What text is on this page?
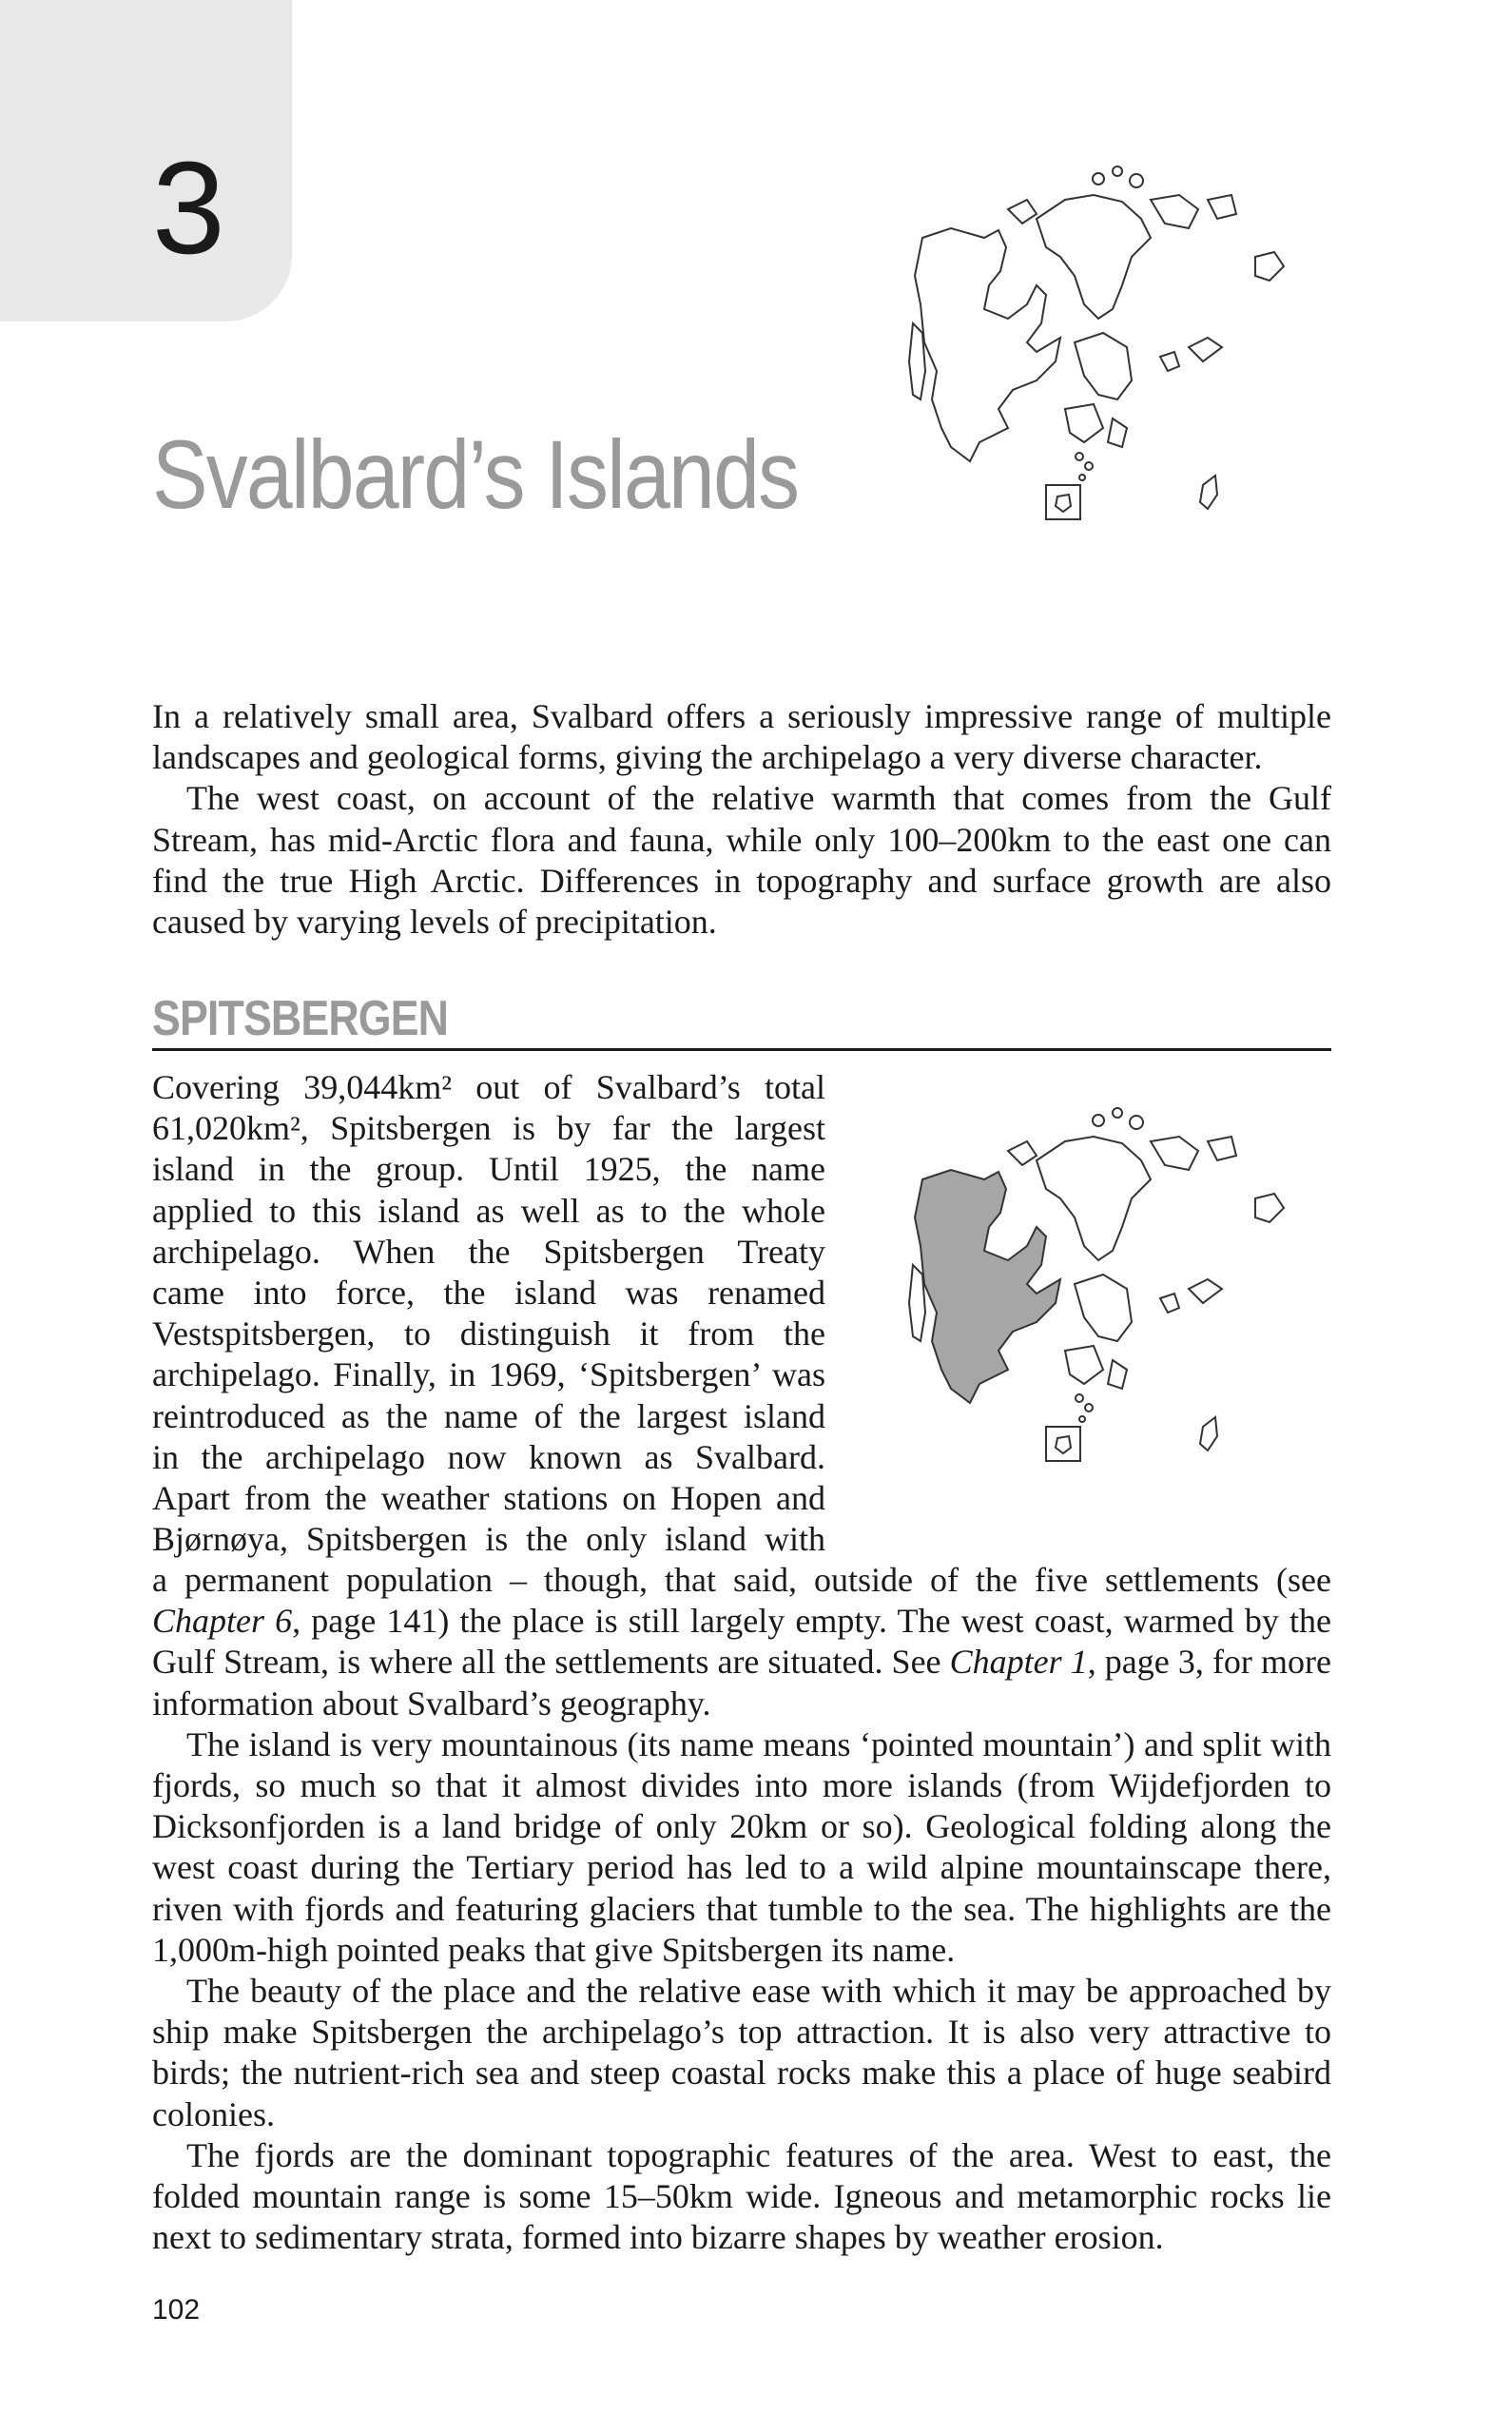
3
Svalbard’s Islands

In a relatively small area, Svalbard offers a seriously impressive range of multiple landscapes and geological forms, giving the archipelago a very diverse character.

The west coast, on account of the relative warmth that comes from the Gulf Stream, has mid-Arctic flora and fauna, while only 100–200km to the east one can find the true High Arctic. Differences in topography and surface growth are also caused by varying levels of precipitation.

SPITSBERGEN

Covering 39,044km² out of Svalbard’s total

61,020km², Spitsbergen is by far the largest

island in the group. Until 1925, the name

applied to this island as well as to the whole

archipelago. When the Spitsbergen Treaty

came into force, the island was renamed

Vestspitsbergen, to distinguish it from the

archipelago. Finally, in 1969, ‘Spitsbergen’ was

reintroduced as the name of the largest island

in the archipelago now known as Svalbard.

Apart from the weather stations on Hopen and

Bjørnøya, Spitsbergen is the only island with

a permanent population – though, that said, outside of the five settlements (see Chapter 6, page 141) the place is still largely empty. The west coast, warmed by the Gulf Stream, is where all the settlements are situated. See Chapter 1, page 3, for more information about Svalbard’s geography.

The island is very mountainous (its name means ‘pointed mountain’) and split with fjords, so much so that it almost divides into more islands (from Wijdefjorden to Dicksonfjorden is a land bridge of only 20km or so). Geological folding along the west coast during the Tertiary period has led to a wild alpine mountainscape there, riven with fjords and featuring glaciers that tumble to the sea. The highlights are the 1,000m-high pointed peaks that give Spitsbergen its name.

The beauty of the place and the relative ease with which it may be approached by ship make Spitsbergen the archipelago’s top attraction. It is also very attractive to birds; the nutrient-rich sea and steep coastal rocks make this a place of huge seabird colonies.

The fjords are the dominant topographic features of the area. West to east, the folded mountain range is some 15–50km wide. Igneous and metamorphic rocks lie next to sedimentary strata, formed into bizarre shapes by weather erosion.

102
